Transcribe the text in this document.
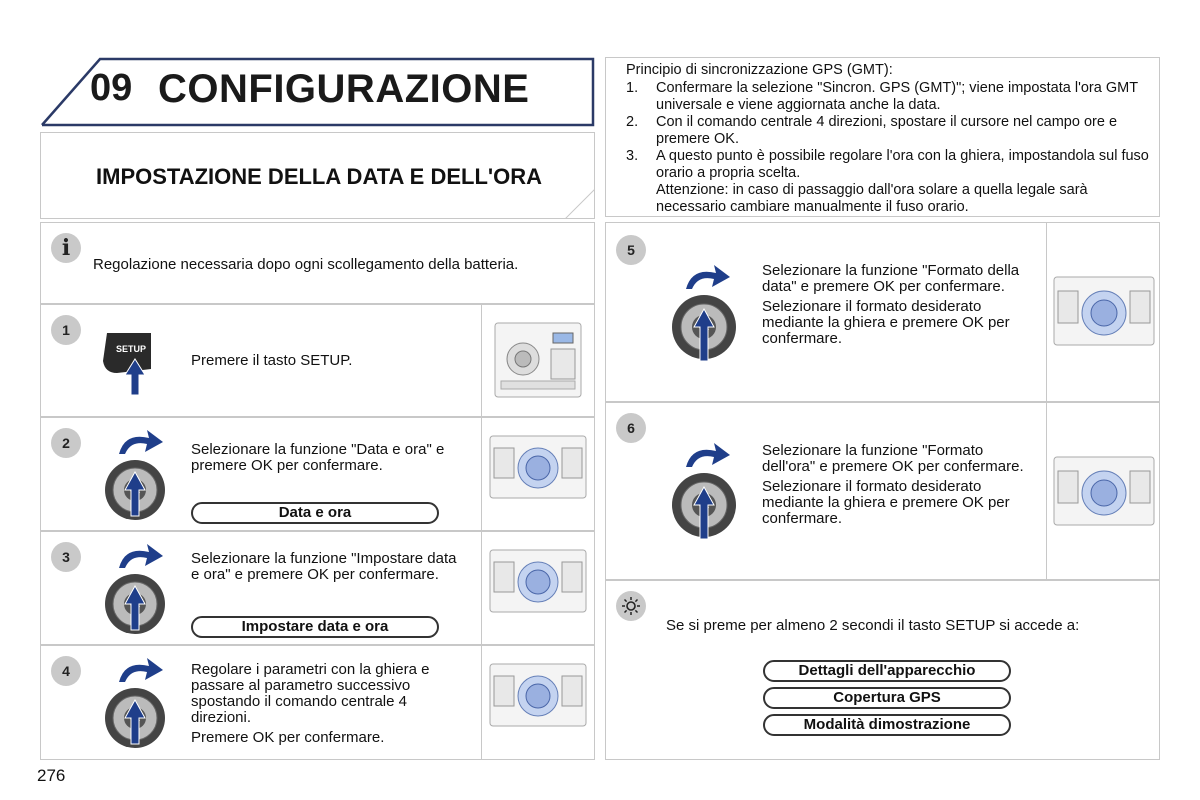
09 CONFIGURAZIONE
IMPOSTAZIONE DELLA DATA E DELL'ORA
Principio di sincronizzazione GPS (GMT):
1.	Confermare la selezione "Sincron. GPS (GMT)"; viene impostata l'ora GMT universale e viene aggiornata anche la data.
2.	Con il comando centrale 4 direzioni, spostare il cursore nel campo ore e premere OK.
3.	A questo punto è possibile regolare l'ora con la ghiera, impostandola sul fuso orario a propria scelta.
Attenzione: in caso di passaggio dall'ora solare a quella legale sarà necessario cambiare manualmente il fuso orario.
i
Regolazione necessaria dopo ogni scollegamento della batteria.
1
SETUP

Premere il tasto SETUP.

2	Selezionare la funzione "Data e ora" e premere OK per confermare.

Data e ora
3	Selezionare la funzione "Impostare data e ora" e premere OK per confermare.

Impostare data e ora
4	Regolare i parametri con la ghiera e passare al parametro successivo spostando il comando centrale 4 direzioni.

Premere OK per confermare.

5

Selezionare la funzione "Formato della data" e premere OK per confermare.

Selezionare il formato desiderato mediante la ghiera e premere OK per confermare.

6

Selezionare la funzione "Formato dell'ora" e premere OK per confermare.

Selezionare il formato desiderato mediante la ghiera e premere OK per confermare.

Se si preme per almeno 2 secondi il tasto SETUP si accede a:
Dettagli dell'apparecchio
Copertura GPS
Modalità dimostrazione
276
